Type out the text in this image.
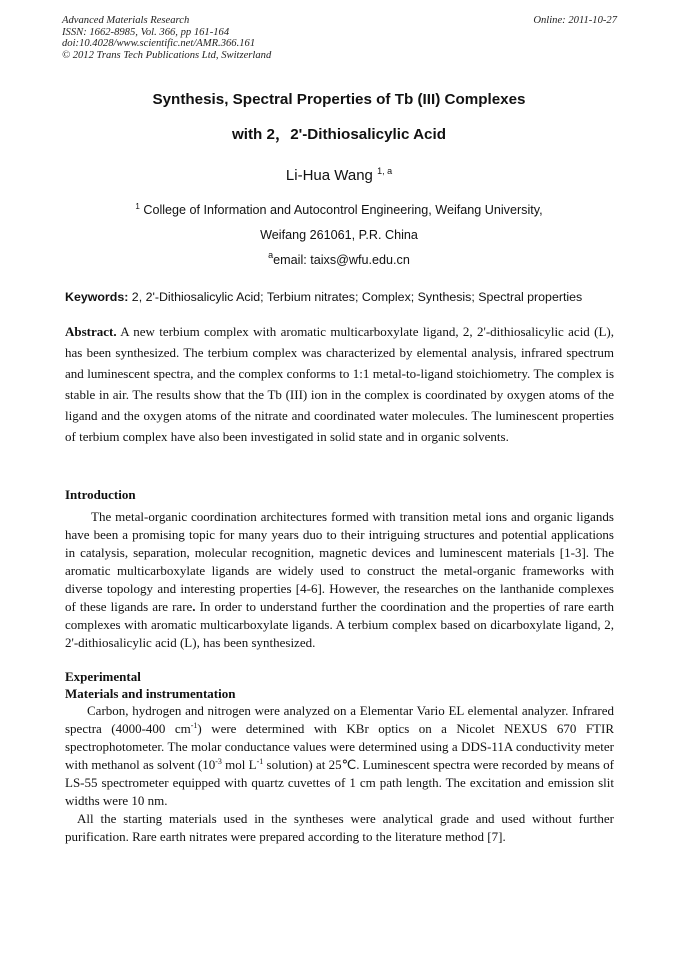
Advanced Materials Research
ISSN: 1662-8985, Vol. 366, pp 161-164
doi:10.4028/www.scientific.net/AMR.366.161
© 2012 Trans Tech Publications Ltd, Switzerland
Online: 2011-10-27
Synthesis, Spectral Properties of Tb (III) Complexes
with 2，2'-Dithiosalicylic Acid
Li-Hua Wang $^{1, a}$
$^1$ College of Information and Autocontrol Engineering, Weifang University,
Weifang 261061, P.R. China
$^a$email: taixs@wfu.edu.cn
Keywords: 2, 2'-Dithiosalicylic Acid; Terbium nitrates; Complex; Synthesis; Spectral properties
Abstract. A new terbium complex with aromatic multicarboxylate ligand, 2, 2'-dithiosalicylic acid (L), has been synthesized. The terbium complex was characterized by elemental analysis, infrared spectrum and luminescent spectra, and the complex conforms to 1:1 metal-to-ligand stoichiometry. The complex is stable in air. The results show that the Tb (III) ion in the complex is coordinated by oxygen atoms of the ligand and the oxygen atoms of the nitrate and coordinated water molecules. The luminescent properties of terbium complex have also been investigated in solid state and in organic solvents.
Introduction
The metal-organic coordination architectures formed with transition metal ions and organic ligands have been a promising topic for many years duo to their intriguing structures and potential applications in catalysis, separation, molecular recognition, magnetic devices and luminescent materials [1-3]. The aromatic multicarboxylate ligands are widely used to construct the metal-organic frameworks with diverse topology and interesting properties [4-6]. However, the researches on the lanthanide complexes of these ligands are rare. In order to understand further the coordination and the properties of rare earth complexes with aromatic multicarboxylate ligands. A terbium complex based on dicarboxylate ligand, 2, 2'-dithiosalicylic acid (L), has been synthesized.
Experimental
Materials and instrumentation

Carbon, hydrogen and nitrogen were analyzed on a Elementar Vario EL elemental analyzer. Infrared spectra (4000-400 $cm^{-1}$) were determined with KBr optics on a Nicolet NEXUS 670 FTIR spectrophotometer. The molar conductance values were determined using a DDS-11A conductivity meter with methanol as solvent ($10^{-3}$ mol $L^{-1}$ solution) at 25℃. Luminescent spectra were recorded by means of LS-55 spectrometer equipped with quartz cuvettes of 1 cm path length. The excitation and emission slit widths were 10 nm.

All the starting materials used in the syntheses were analytical grade and used without further purification. Rare earth nitrates were prepared according to the literature method [7].
